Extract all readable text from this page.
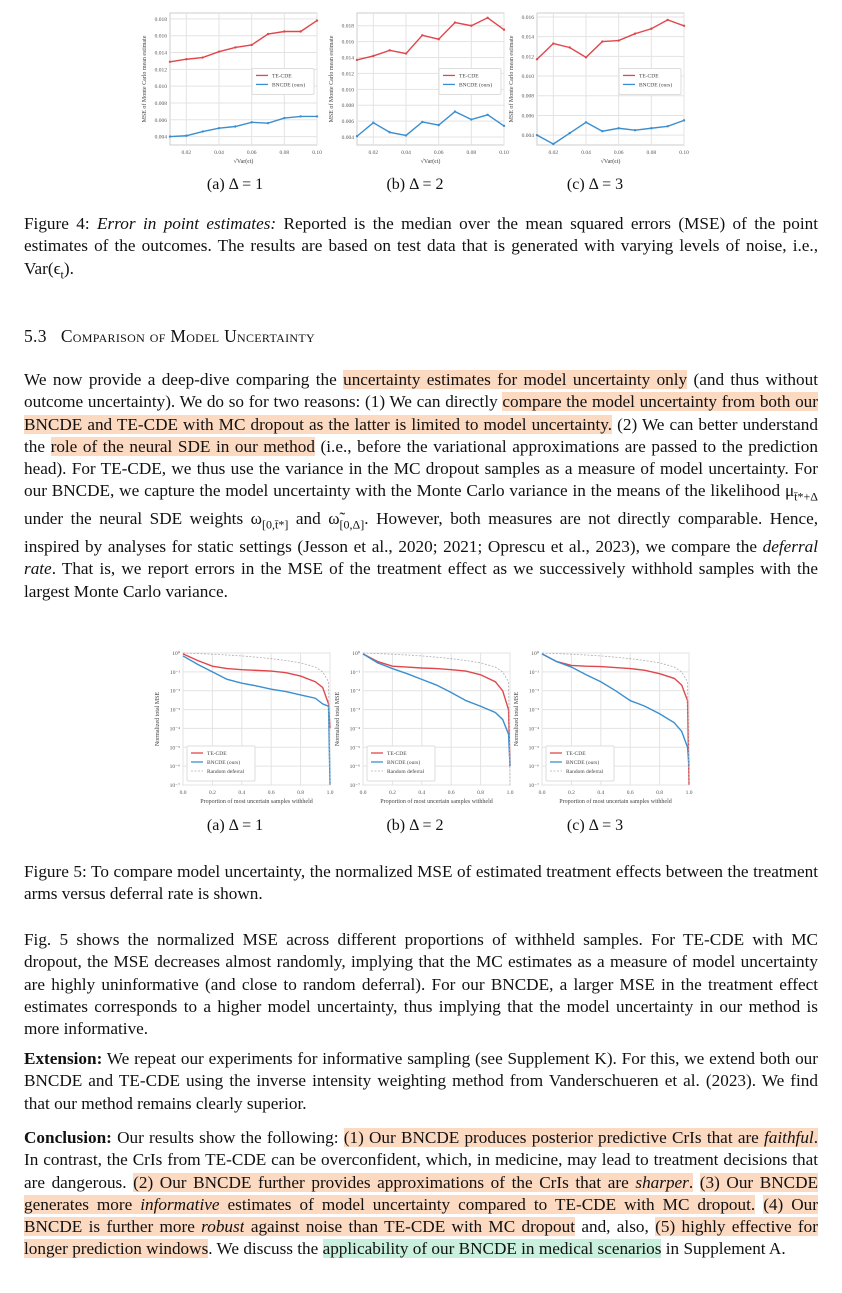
0.02	0.04	0.06	0.08	0.10
0.004
0.006
0.008
0.010
0.012
0.014
0.016
0.018
√Var(ϵt)
MSE of Monte Carlo mean estimate	TE-CDE
BNCDE (ours)
0.02	0.04	0.06	0.08	0.10
0.004
0.006
0.008
0.010
0.012
0.014
0.016
0.018
√Var(ϵt)
MSE of Monte Carlo mean estimate	TE-CDE
BNCDE (ours)
0.02	0.04	0.06	0.08	0.10
0.004
0.006
0.008
0.010
0.012
0.014
0.016
√Var(ϵt)
MSE of Monte Carlo mean estimate	TE-CDE
BNCDE (ours)
(a) Δ = 1	(b) Δ = 2	(c) Δ = 3
Figure 4: Error in point estimates: Reported is the median over the mean squared errors (MSE) of the point estimates of the outcomes. The results are based on test data that is generated with varying levels of noise, i.e., $Var(\epsilon_t)$.
5.3 Comparison of Model Uncertainty
We now provide a deep-dive comparing the uncertainty estimates for model uncertainty only (and thus without outcome uncertainty). We do so for two reasons: (1) We can directly compare the model uncertainty from both our BNCDE and TE-CDE with MC dropout as the latter is limited to model uncertainty. (2) We can better understand the role of the neural SDE in our method (i.e., before the variational approximations are passed to the prediction head). For TE-CDE, we thus use the variance in the MC dropout samples as a measure of model uncertainty. For our BNCDE, we capture the model uncertainty with the Monte Carlo variance in the means of the likelihood $\mu_{t̄*+\Delta}$ under the neural SDE weights $\omega_{[0,t̄*]}$ and $\omegã_{[0,\Delta]}$. However, both measures are not directly comparable. Hence, inspired by analyses for static settings (Jesson et al., 2020; 2021; Oprescu et al., 2023), we compare the deferral rate. That is, we report errors in the MSE of the treatment effect as we successively withhold samples with the largest Monte Carlo variance.
0.0	0.2	0.4	0.6	0.8	1.0
10⁰
10⁻¹
10⁻²
10⁻³
10⁻⁴
10⁻⁵
10⁻⁶
10⁻⁷
Proportion of most uncertain samples withheld
Normalized total MSE
TE-CDE
BNCDE (ours)
Random deferral
0.0	0.2	0.4	0.6	0.8	1.0
10⁰
10⁻¹
10⁻²
10⁻³
10⁻⁴
10⁻⁵
10⁻⁶
10⁻⁷
Proportion of most uncertain samples withheld
Normalized total MSE
TE-CDE
BNCDE (ours)
Random deferral
0.0	0.2	0.4	0.6	0.8	1.0
10⁰
10⁻¹
10⁻²
10⁻³
10⁻⁴
10⁻⁵
10⁻⁶
10⁻⁷
Proportion of most uncertain samples withheld
Normalized total MSE
TE-CDE
BNCDE (ours)
Random deferral
(a) Δ = 1	(b) Δ = 2	(c) Δ = 3
Figure 5: To compare model uncertainty, the normalized MSE of estimated treatment effects between the treatment arms versus deferral rate is shown.
Fig. 5 shows the normalized MSE across different proportions of withheld samples. For TE-CDE with MC dropout, the MSE decreases almost randomly, implying that the MC estimates as a measure of model uncertainty are highly uninformative (and close to random deferral). For our BNCDE, a larger MSE in the treatment effect estimates corresponds to a higher model uncertainty, thus implying that the model uncertainty in our method is more informative.
Extension: We repeat our experiments for informative sampling (see Supplement K). For this, we extend both our BNCDE and TE-CDE using the inverse intensity weighting method from Vanderschueren et al. (2023). We find that our method remains clearly superior.
Conclusion: Our results show the following: (1) Our BNCDE produces posterior predictive CrIs that are faithful. In contrast, the CrIs from TE-CDE can be overconfident, which, in medicine, may lead to treatment decisions that are dangerous. (2) Our BNCDE further provides approximations of the CrIs that are sharper. (3) Our BNCDE generates more informative estimates of model uncertainty compared to TE-CDE with MC dropout. (4) Our BNCDE is further more robust against noise than TE-CDE with MC dropout and, also, (5) highly effective for longer prediction windows. We discuss the applicability of our BNCDE in medical scenarios in Supplement A.
